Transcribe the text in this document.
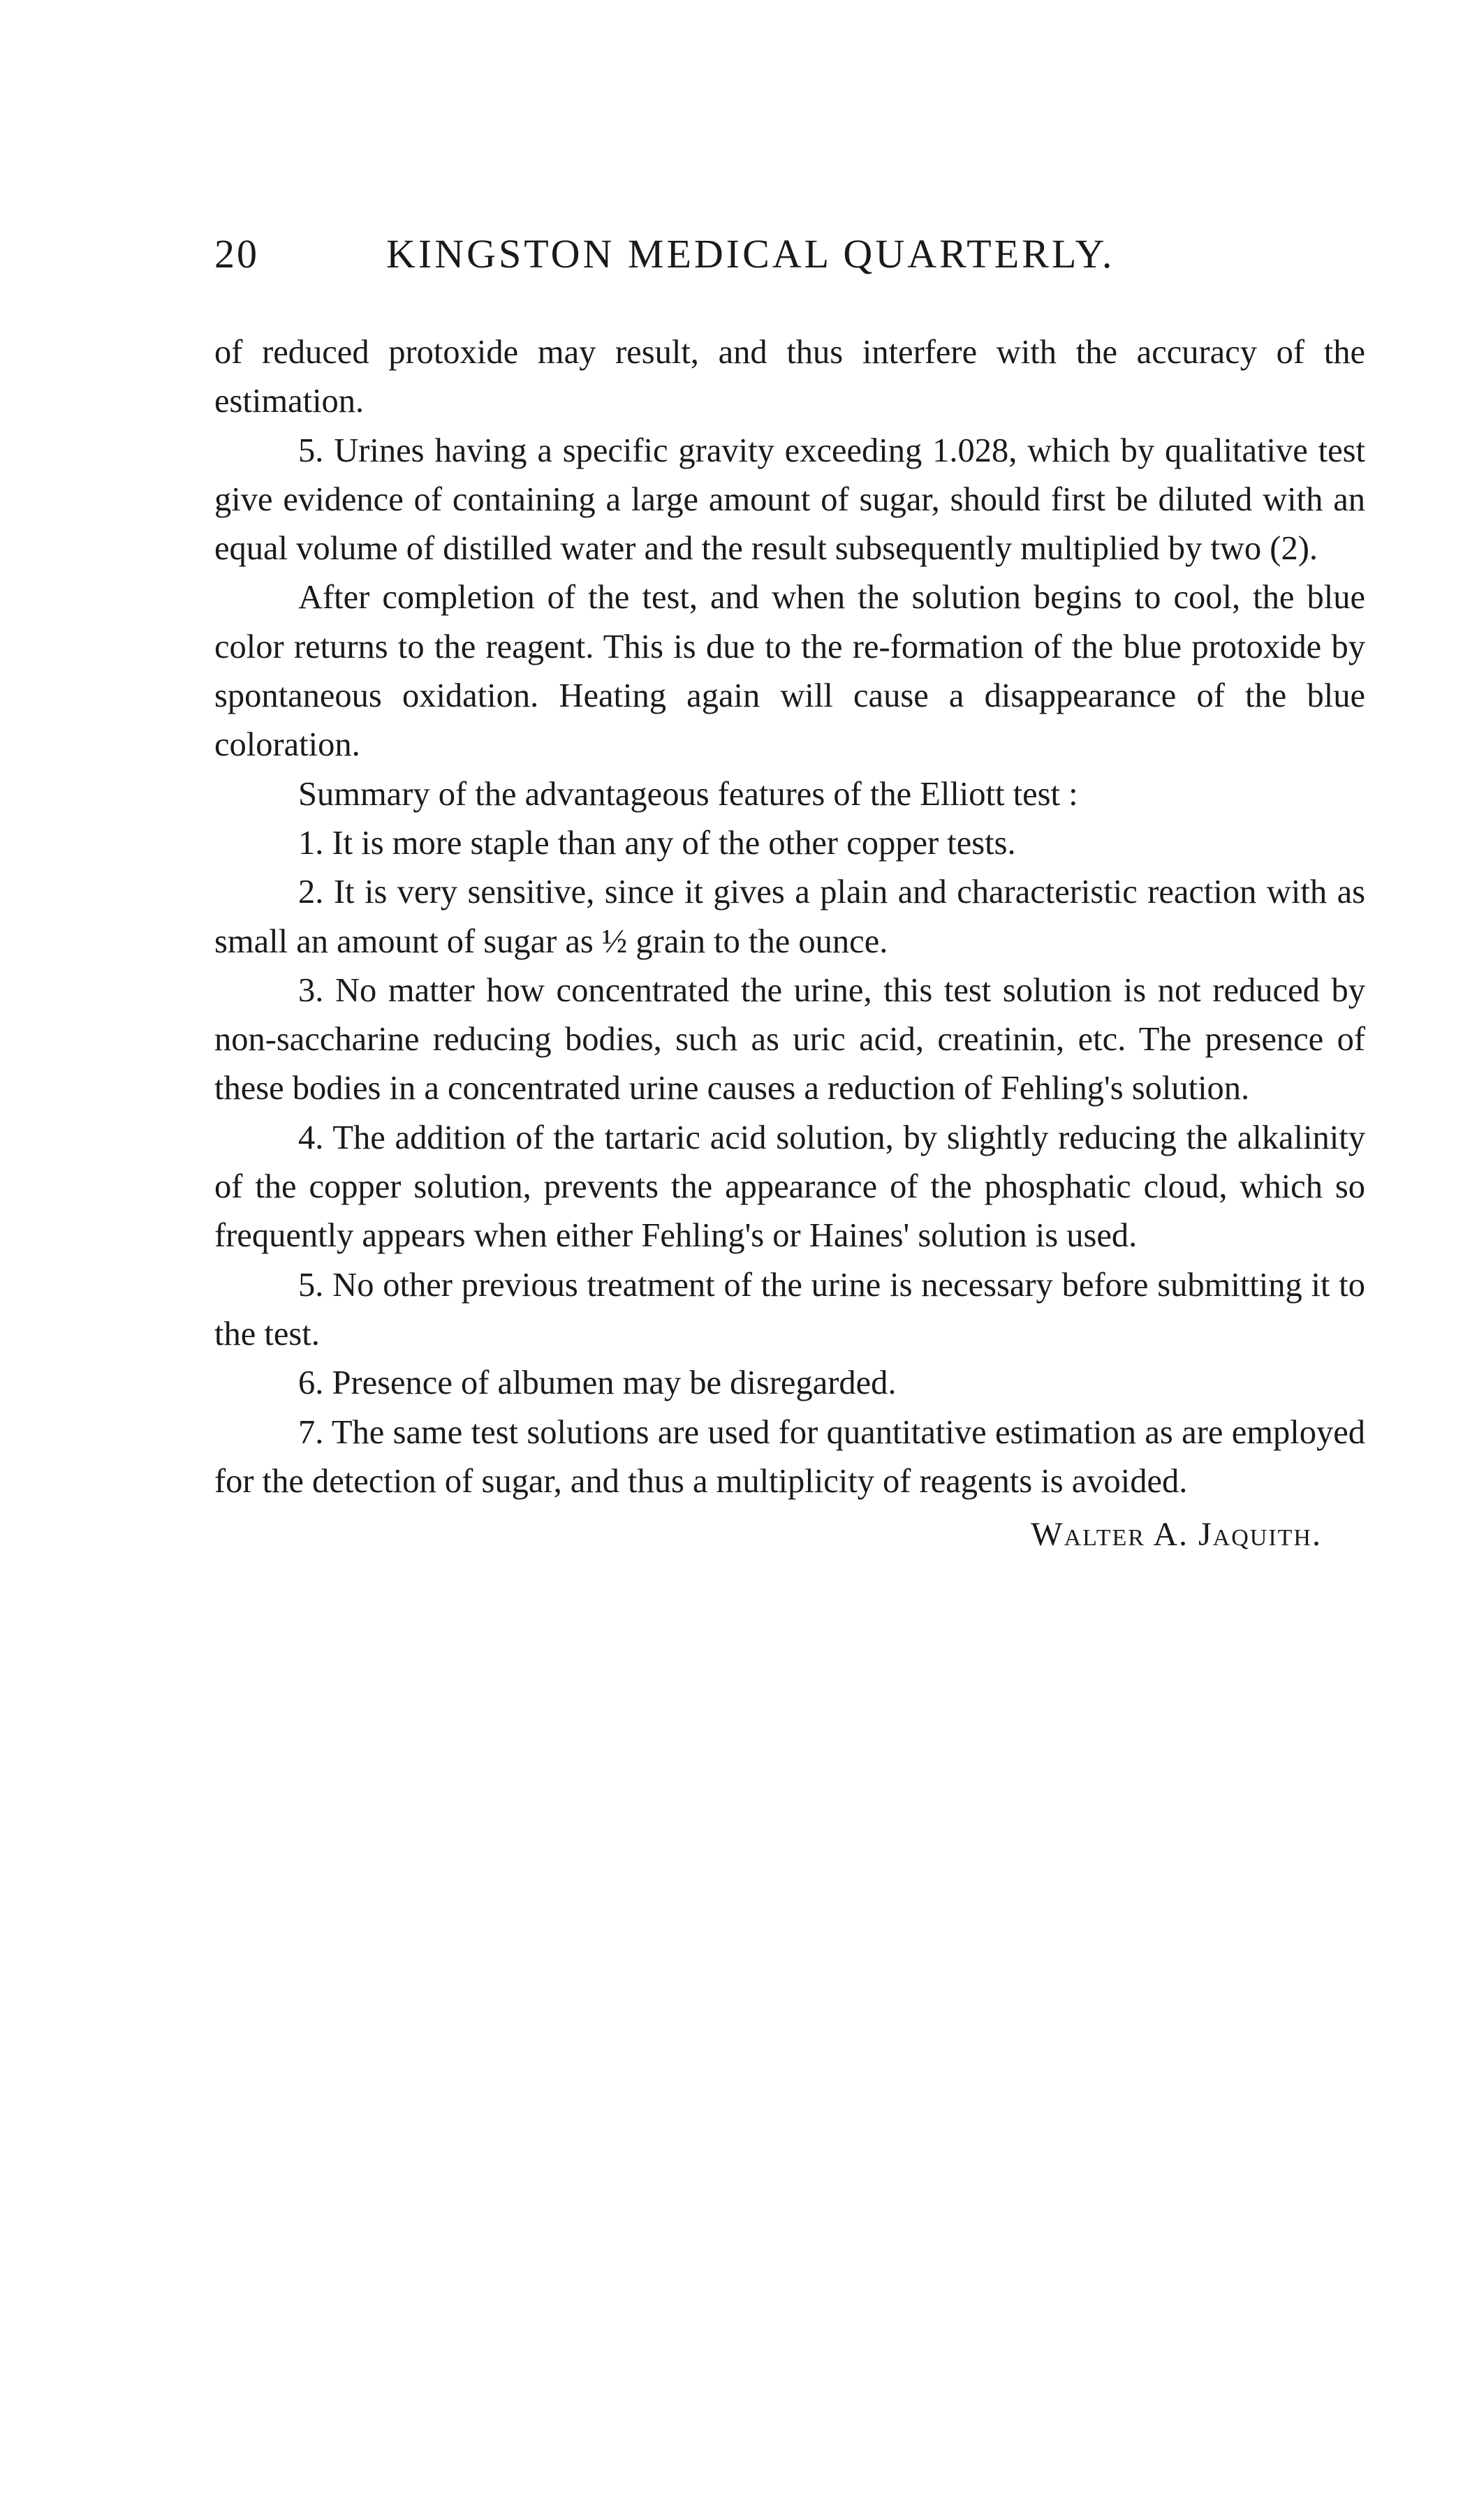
20	KINGSTON MEDICAL QUARTERLY.

of reduced protoxide may result, and thus interfere with the accuracy of the estimation.

5. Urines having a specific gravity exceeding 1.028, which by qualitative test give evidence of containing a large amount of sugar, should first be diluted with an equal volume of distilled water and the result subsequently multiplied by two (2).

After completion of the test, and when the solution begins to cool, the blue color returns to the reagent. This is due to the re-formation of the blue protoxide by spontaneous oxidation. Heating again will cause a disappearance of the blue coloration.

Summary of the advantageous features of the Elliott test :

1. It is more staple than any of the other copper tests.

2. It is very sensitive, since it gives a plain and characteristic reaction with as small an amount of sugar as ½ grain to the ounce.

3. No matter how concentrated the urine, this test solution is not reduced by non-saccharine reducing bodies, such as uric acid, creatinin, etc. The presence of these bodies in a concentrated urine causes a reduction of Fehling's solution.

4. The addition of the tartaric acid solution, by slightly reducing the alkalinity of the copper solution, prevents the appearance of the phosphatic cloud, which so frequently appears when either Fehling's or Haines' solution is used.

5. No other previous treatment of the urine is necessary before submitting it to the test.

6. Presence of albumen may be disregarded.

7. The same test solutions are used for quantitative estimation as are employed for the detection of sugar, and thus a multiplicity of reagents is avoided.

Walter A. Jaquith.
